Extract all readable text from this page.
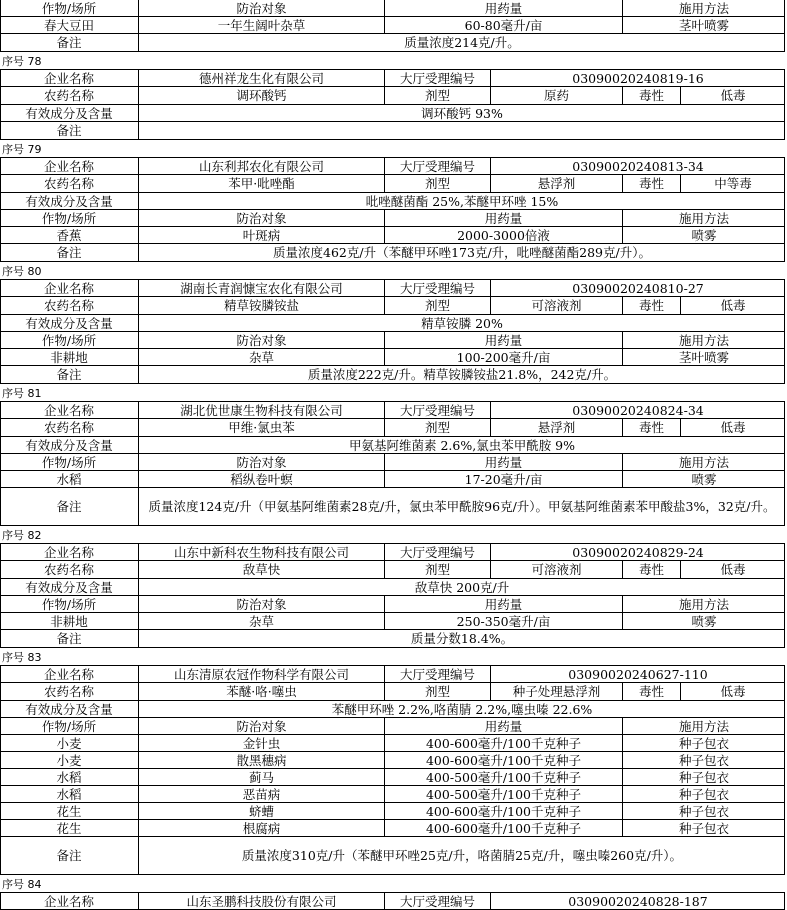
作物/场所	防治对象	用药量	施用方法
春大豆田	一年生阔叶杂草	60-80毫升/亩	茎叶喷雾
备注	质量浓度214克/升。
序号 78
企业名称	德州祥龙生化有限公司	大厅受理编号	03090020240819-16
农药名称	调环酸钙	剂型	原药	毒性	低毒
有效成分及含量	调环酸钙 93%
备注
序号 79
企业名称	山东利邦农化有限公司	大厅受理编号	03090020240813-34
农药名称	苯甲·吡唑酯	剂型	悬浮剂	毒性	中等毒
有效成分及含量	吡唑醚菌酯 25%,苯醚甲环唑 15%
作物/场所	防治对象	用药量	施用方法
香蕉	叶斑病	2000-3000倍液	喷雾
备注	质量浓度462克/升（苯醚甲环唑173克/升，吡唑醚菌酯289克/升）。
序号 80
企业名称	湖南长青润慷宝农化有限公司	大厅受理编号	03090020240810-27
农药名称	精草铵膦铵盐	剂型	可溶液剂	毒性	低毒
有效成分及含量	精草铵膦 20%
作物/场所	防治对象	用药量	施用方法
非耕地	杂草	100-200毫升/亩	茎叶喷雾
备注	质量浓度222克/升。精草铵膦铵盐21.8%，242克/升。
序号 81
企业名称	湖北优世康生物科技有限公司	大厅受理编号	03090020240824-34
农药名称	甲维·氯虫苯	剂型	悬浮剂	毒性	低毒
有效成分及含量	甲氨基阿维菌素 2.6%,氯虫苯甲酰胺 9%
作物/场所	防治对象	用药量	施用方法
水稻	稻纵卷叶螟	17-20毫升/亩	喷雾
备注	质量浓度124克/升（甲氨基阿维菌素28克/升，氯虫苯甲酰胺96克/升）。甲氨基阿维菌素苯甲酸盐3%，32克/升。
序号 82
企业名称	山东中新科农生物科技有限公司	大厅受理编号	03090020240829-24
农药名称	敌草快	剂型	可溶液剂	毒性	低毒
有效成分及含量	敌草快 200克/升
作物/场所	防治对象	用药量	施用方法
非耕地	杂草	250-350毫升/亩	喷雾
备注	质量分数18.4%。
序号 83
企业名称	山东清原农冠作物科学有限公司	大厅受理编号	03090020240627-110
农药名称	苯醚·咯·噻虫	剂型	种子处理悬浮剂	毒性	低毒
有效成分及含量	苯醚甲环唑 2.2%,咯菌腈 2.2%,噻虫嗪 22.6%
作物/场所	防治对象	用药量	施用方法
小麦	金针虫	400-600毫升/100千克种子	种子包衣
小麦	散黑穗病	400-600毫升/100千克种子	种子包衣
水稻	蓟马	400-500毫升/100千克种子	种子包衣
水稻	恶苗病	400-500毫升/100千克种子	种子包衣
花生	蛴螬	400-600毫升/100千克种子	种子包衣
花生	根腐病	400-600毫升/100千克种子	种子包衣
备注	质量浓度310克/升（苯醚甲环唑25克/升，咯菌腈25克/升，噻虫嗪260克/升）。
序号 84
企业名称	山东圣鹏科技股份有限公司	大厅受理编号	03090020240828-187
